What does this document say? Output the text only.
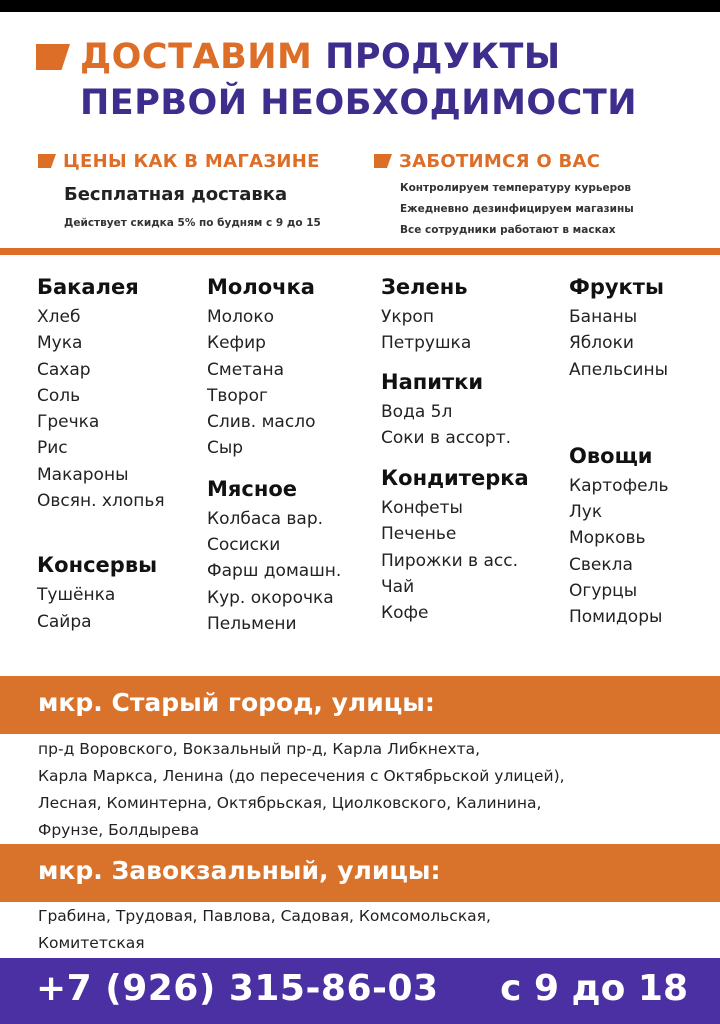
ДОСТАВИМ ПРОДУКТЫ
ПЕРВОЙ НЕОБХОДИМОСТИ
ЦЕНЫ КАК В МАГАЗИНЕ
Бесплатная доставка
Действует скидка 5% по будням с 9 до 15
ЗАБОТИМСЯ О ВАС
Контролируем температуру курьеров
Ежедневно дезинфицируем магазины
Все сотрудники работают в масках
Бакалея
Хлеб
Мука
Сахар
Соль
Гречка
Рис
Макароны
Овсян. хлопья
Консервы
Тушёнка
Сайра
Молочка
Молоко
Кефир
Сметана
Творог
Слив. масло
Сыр
Мясное
Колбаса вар.
Сосиски
Фарш домашн.
Кур. окорочка
Пельмени
Зелень
Укроп
Петрушка
Напитки
Вода 5л
Соки в ассорт.
Кондитерка
Конфеты
Печенье
Пирожки в асс.
Чай
Кофе
Фрукты
Бананы
Яблоки
Апельсины
Овощи
Картофель
Лук
Морковь
Свекла
Огурцы
Помидоры
мкр. Старый город, улицы:
пр-д Воровского, Вокзальный пр-д, Карла Либкнехта,
Карла Маркса, Ленина (до пересечения с Октябрьской улицей),
Лесная, Коминтерна, Октябрьская, Циолковского, Калинина,
Фрунзе, Болдырева
мкр. Завокзальный, улицы:
Грабина, Трудовая, Павлова, Садовая, Комсомольская,
Комитетская
+7 (926) 315-86-03 с 9 до 18
